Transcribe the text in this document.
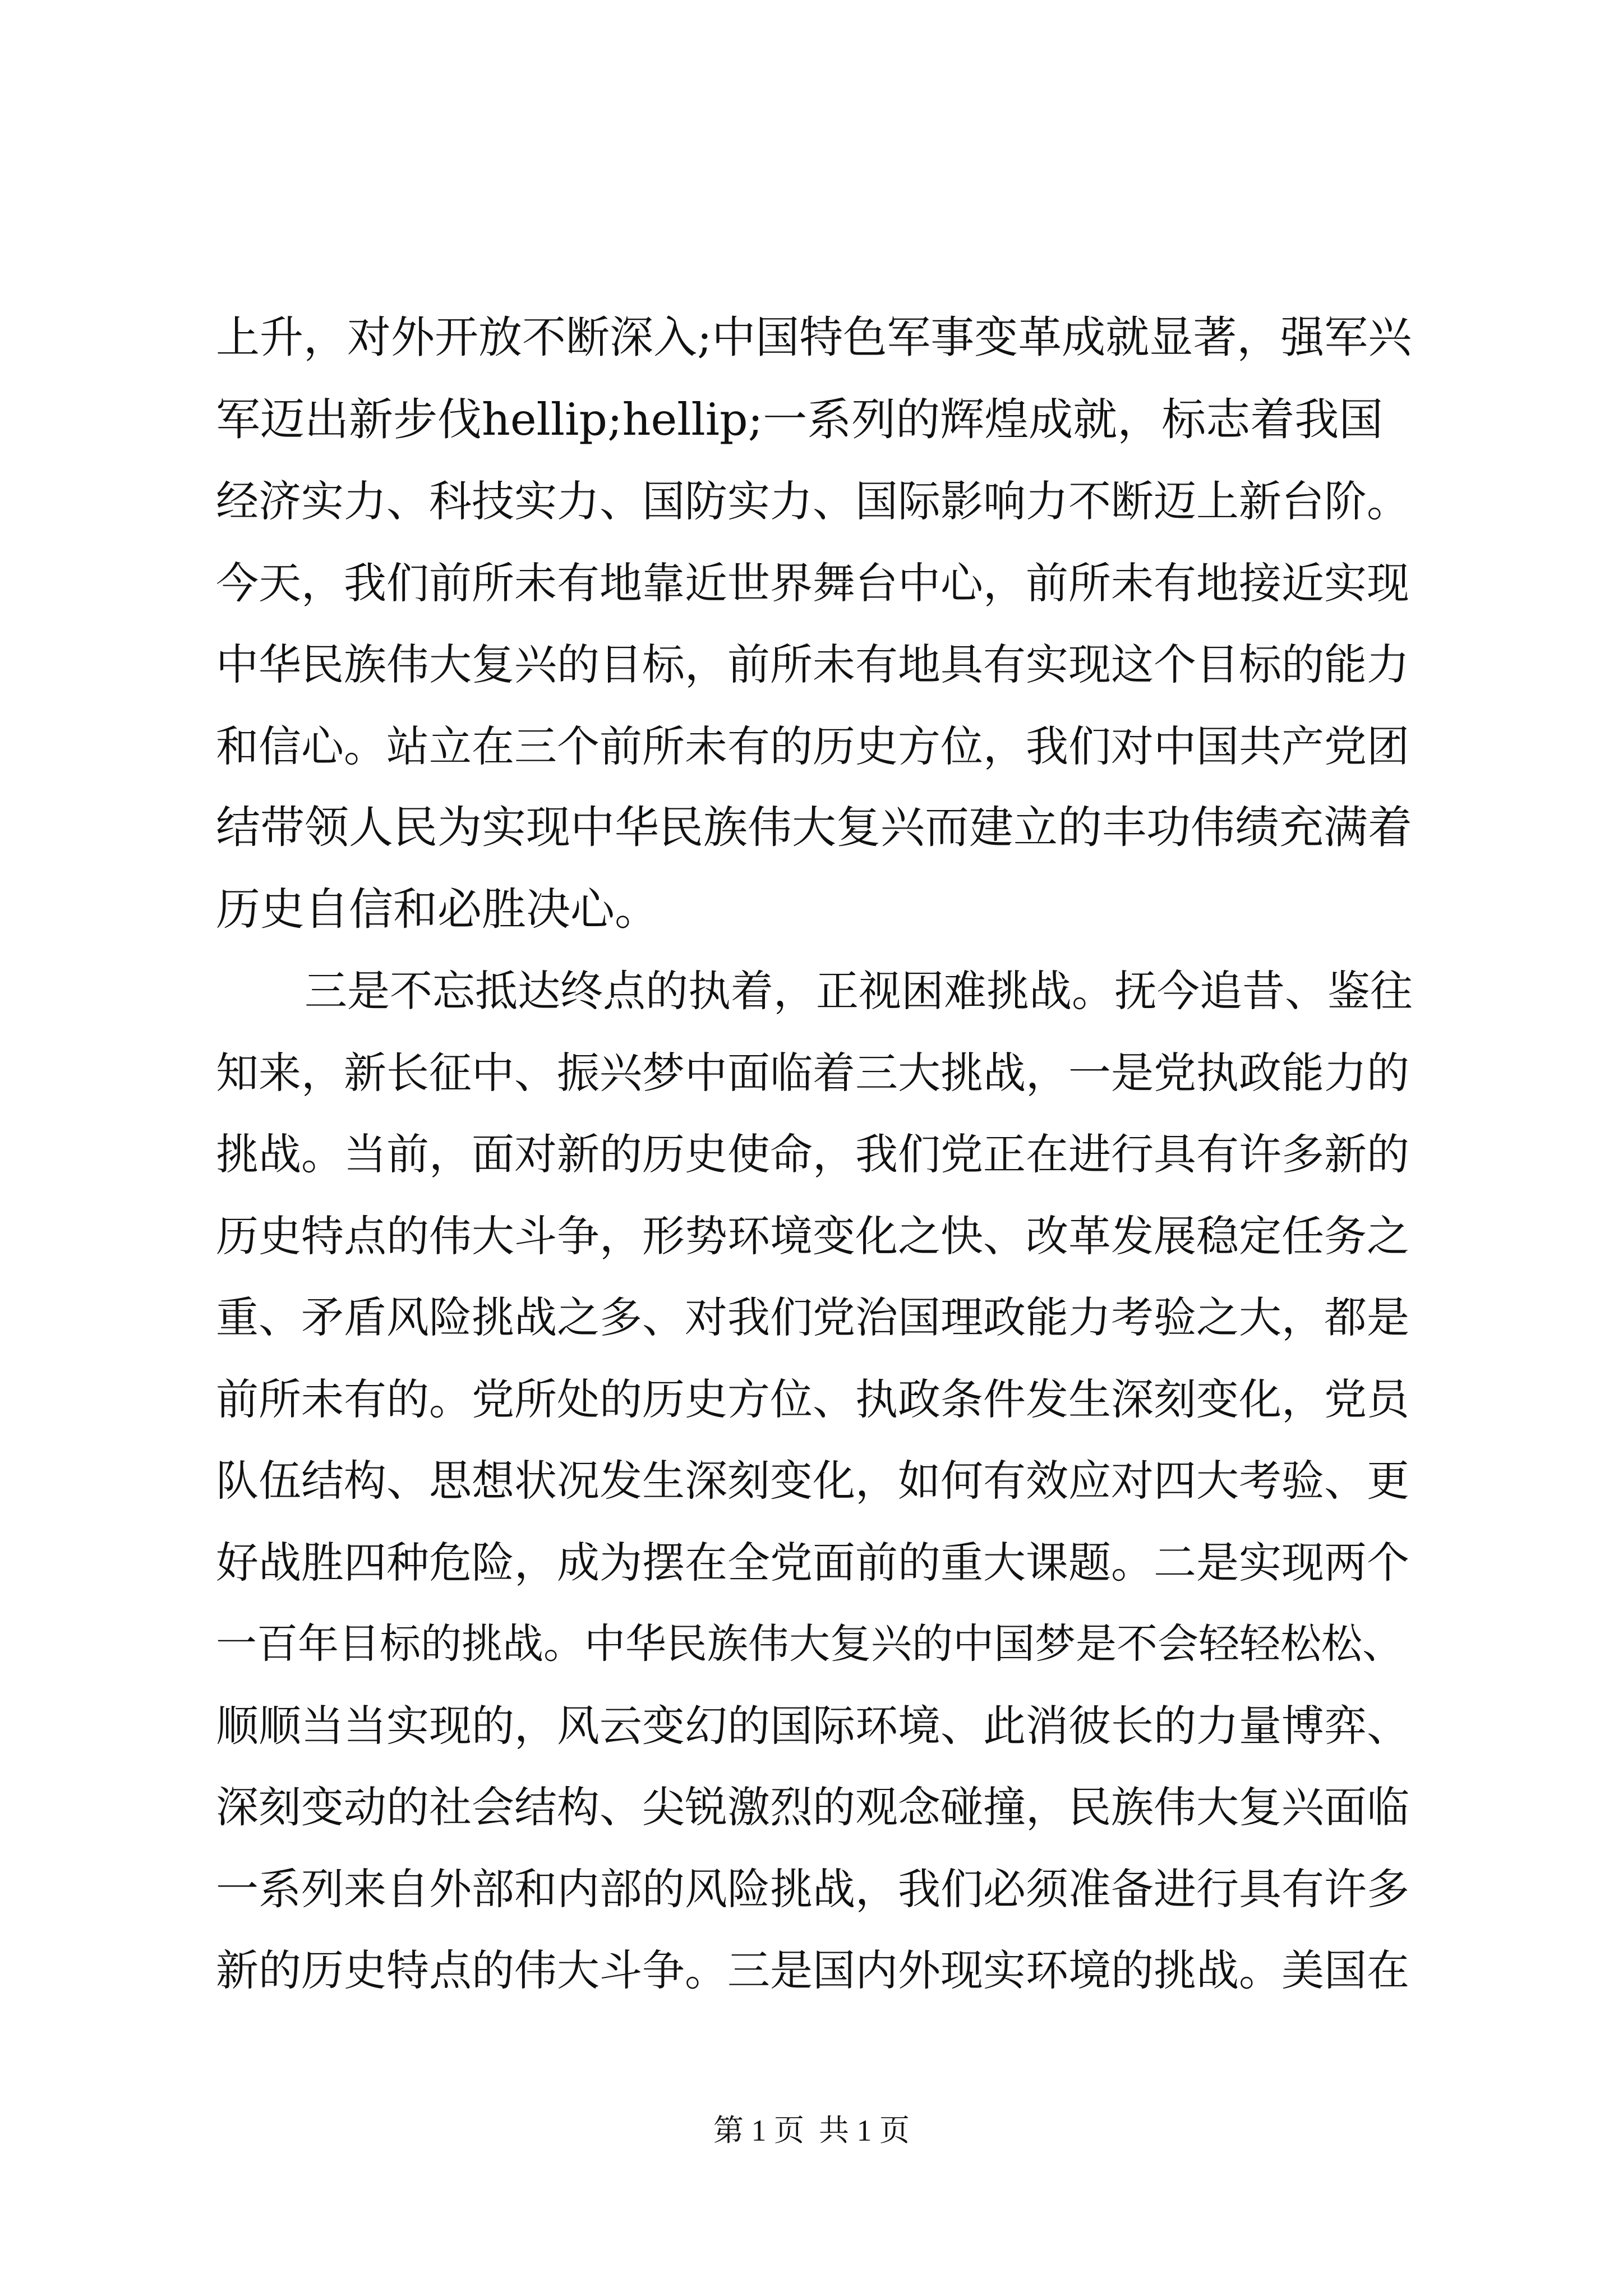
上升，对外开放不断深入;中国特色军事变革成就显著，强军兴
军迈出新步伐hellip;hellip;一系列的辉煌成就，标志着我国
经济实力、科技实力、国防实力、国际影响力不断迈上新台阶。
今天，我们前所未有地靠近世界舞台中心，前所未有地接近实现
中华民族伟大复兴的目标，前所未有地具有实现这个目标的能力
和信心。站立在三个前所未有的历史方位，我们对中国共产党团
结带领人民为实现中华民族伟大复兴而建立的丰功伟绩充满着
历史自信和必胜决心。
三是不忘抵达终点的执着，正视困难挑战。抚今追昔、鉴往
知来，新长征中、振兴梦中面临着三大挑战，一是党执政能力的
挑战。当前，面对新的历史使命，我们党正在进行具有许多新的
历史特点的伟大斗争，形势环境变化之快、改革发展稳定任务之
重、矛盾风险挑战之多、对我们党治国理政能力考验之大，都是
前所未有的。党所处的历史方位、执政条件发生深刻变化，党员
队伍结构、思想状况发生深刻变化，如何有效应对四大考验、更
好战胜四种危险，成为摆在全党面前的重大课题。二是实现两个
一百年目标的挑战。中华民族伟大复兴的中国梦是不会轻轻松松、
顺顺当当实现的，风云变幻的国际环境、此消彼长的力量博弈、
深刻变动的社会结构、尖锐激烈的观念碰撞，民族伟大复兴面临
一系列来自外部和内部的风险挑战，我们必须准备进行具有许多
新的历史特点的伟大斗争。三是国内外现实环境的挑战。美国在
第 1 页 共 1 页
